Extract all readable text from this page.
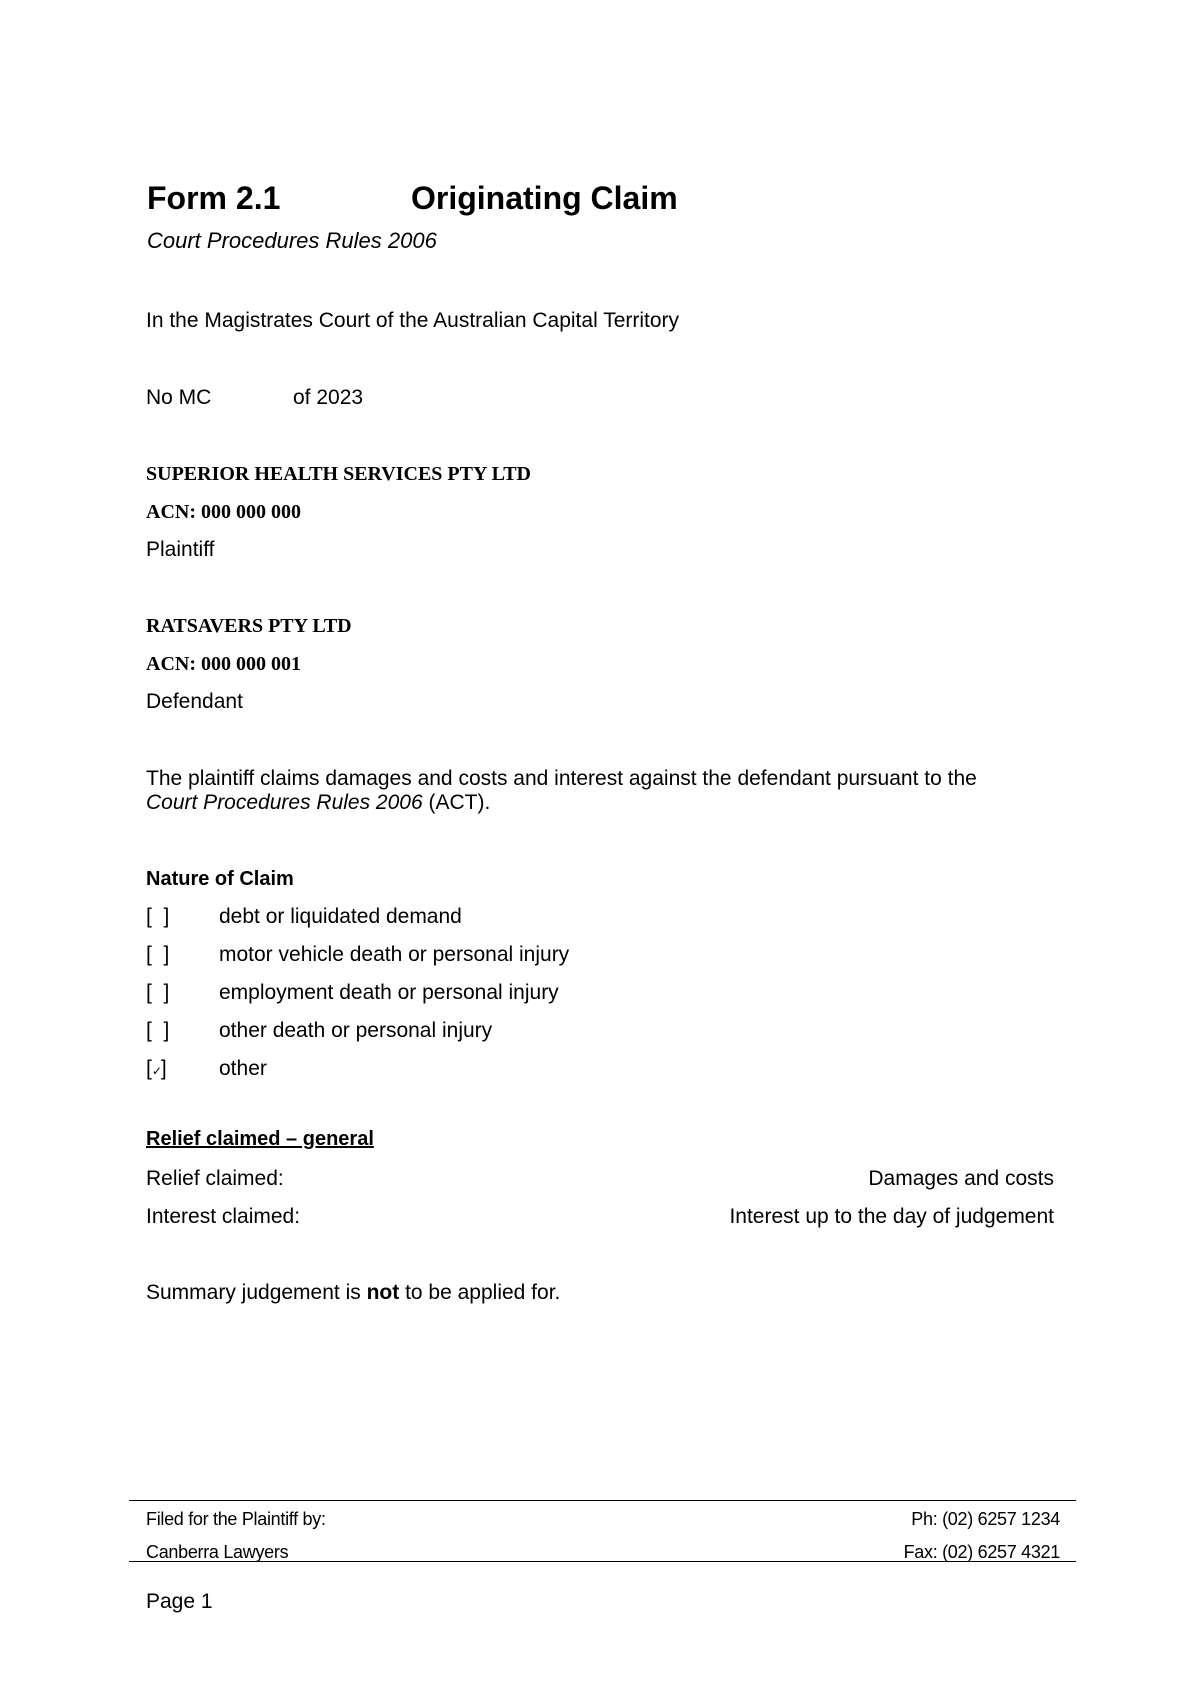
Form 2.1	Originating Claim
Court Procedures Rules 2006
In the Magistrates Court of the Australian Capital Territory
No MC	of 2023
SUPERIOR HEALTH SERVICES PTY LTD
ACN: 000 000 000
Plaintiff
RATSAVERS PTY LTD
ACN: 000 000 001
Defendant
The plaintiff claims damages and costs and interest against the defendant pursuant to the
Court Procedures Rules 2006 (ACT).
Nature of Claim
[  ] debt or liquidated demand
[  ] motor vehicle death or personal injury
[  ] employment death or personal injury
[  ] other death or personal injury
[✓] other
Relief claimed – general
Relief claimed:	Damages and costs
Interest claimed:	Interest up to the day of judgement
Summary judgement is not to be applied for.
Filed for the Plaintiff by:	Ph: (02) 6257 1234
Canberra Lawyers	Fax: (02) 6257 4321
Page 1
